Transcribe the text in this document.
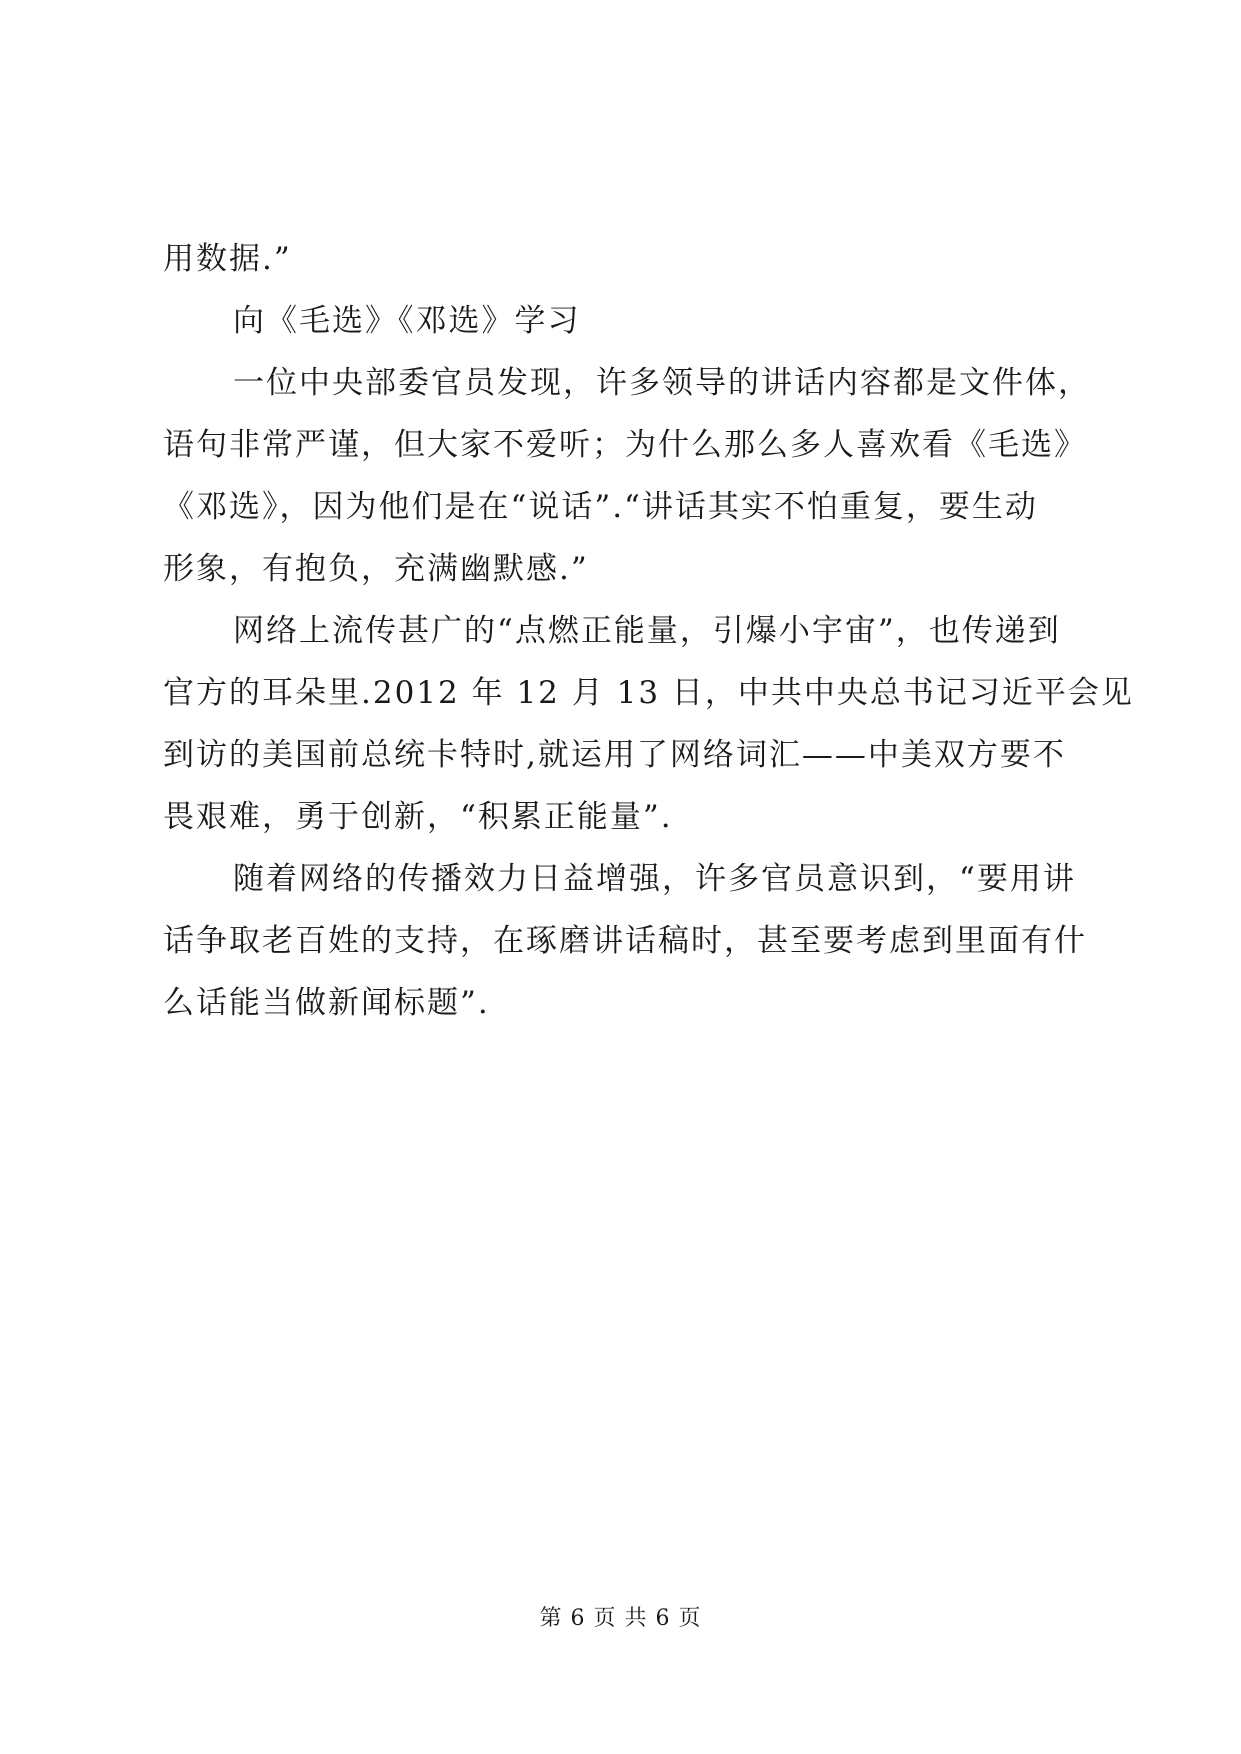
用数据.”
向《毛选》《邓选》学习
一位中央部委官员发现，许多领导的讲话内容都是文件体，
语句非常严谨，但大家不爱听；为什么那么多人喜欢看《毛选》
《邓选》，因为他们是在“说话”.“讲话其实不怕重复，要生动
形象，有抱负，充满幽默感.”
网络上流传甚广的“点燃正能量，引爆小宇宙”，也传递到
官方的耳朵里.2012 年 12 月 13 日，中共中央总书记习近平会见
到访的美国前总统卡特时,就运用了网络词汇——中美双方要不
畏艰难，勇于创新，“积累正能量”.
随着网络的传播效力日益增强，许多官员意识到，“要用讲
话争取老百姓的支持，在琢磨讲话稿时，甚至要考虑到里面有什
么话能当做新闻标题”.
第 6 页 共 6 页
